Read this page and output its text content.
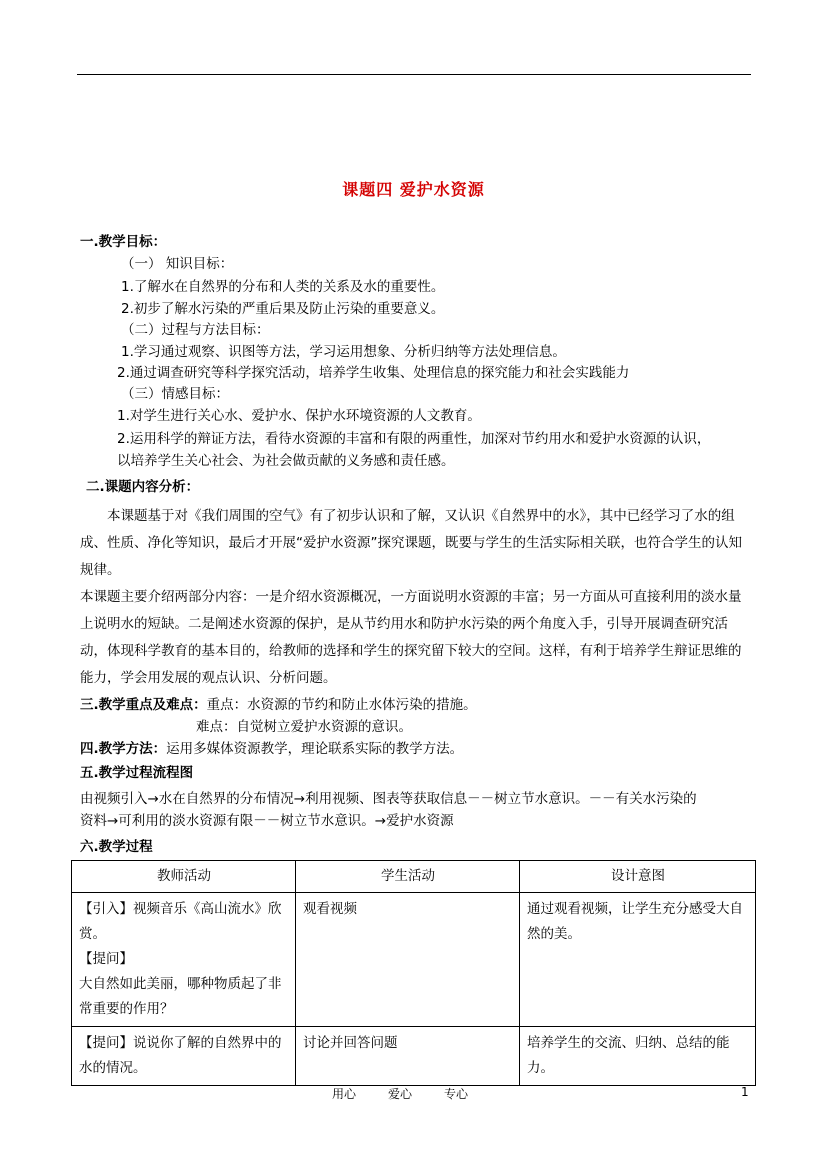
课题四 爱护水资源
一.教学目标：
（一） 知识目标：
1.了解水在自然界的分布和人类的关系及水的重要性。
2.初步了解水污染的严重后果及防止污染的重要意义。
（二）过程与方法目标：
1.学习通过观察、识图等方法，学习运用想象、分析归纳等方法处理信息。
2.通过调查研究等科学探究活动，培养学生收集、处理信息的探究能力和社会实践能力
（三）情感目标：
1.对学生进行关心水、爱护水、保护水环境资源的人文教育。
2.运用科学的辩证方法，看待水资源的丰富和有限的两重性，加深对节约用水和爱护水资源的认识，
以培养学生关心社会、为社会做贡献的义务感和责任感。
二.课题内容分析：

本课题基于对《我们周围的空气》有了初步认识和了解，又认识《自然界中的水》，其中已经学习了水的组成、性质、净化等知识，最后才开展“爱护水资源”探究课题，既要与学生的生活实际相关联，也符合学生的认知规律。

本课题主要介绍两部分内容：一是介绍水资源概况，一方面说明水资源的丰富；另一方面从可直接利用的淡水量上说明水的短缺。二是阐述水资源的保护，是从节约用水和防护水污染的两个角度入手，引导开展调查研究活动，体现科学教育的基本目的，给教师的选择和学生的探究留下较大的空间。这样，有利于培养学生辩证思维的能力，学会用发展的观点认识、分析问题。

三.教学重点及难点：重点：水资源的节约和防止水体污染的措施。
难点：自觉树立爱护水资源的意识。
四.教学方法：运用多媒体资源教学，理论联系实际的教学方法。
五.教学过程流程图
由视频引入→水在自然界的分布情况→利用视频、图表等获取信息－－树立节水意识。－－有关水污染的
资料→可利用的淡水资源有限－－树立节水意识。→爱护水资源
六.教学过程
教师活动	学生活动	设计意图

【引入】视频音乐《高山流水》欣赏。
【提问】
大自然如此美丽，哪种物质起了非常重要的作用？	观看视频	通过观看视频，让学生充分感受大自然的美。
【提问】说说你了解的自然界中的水的情况。	讨论并回答问题	培养学生的交流、归纳、总结的能力。
用心	爱心	专心	1
